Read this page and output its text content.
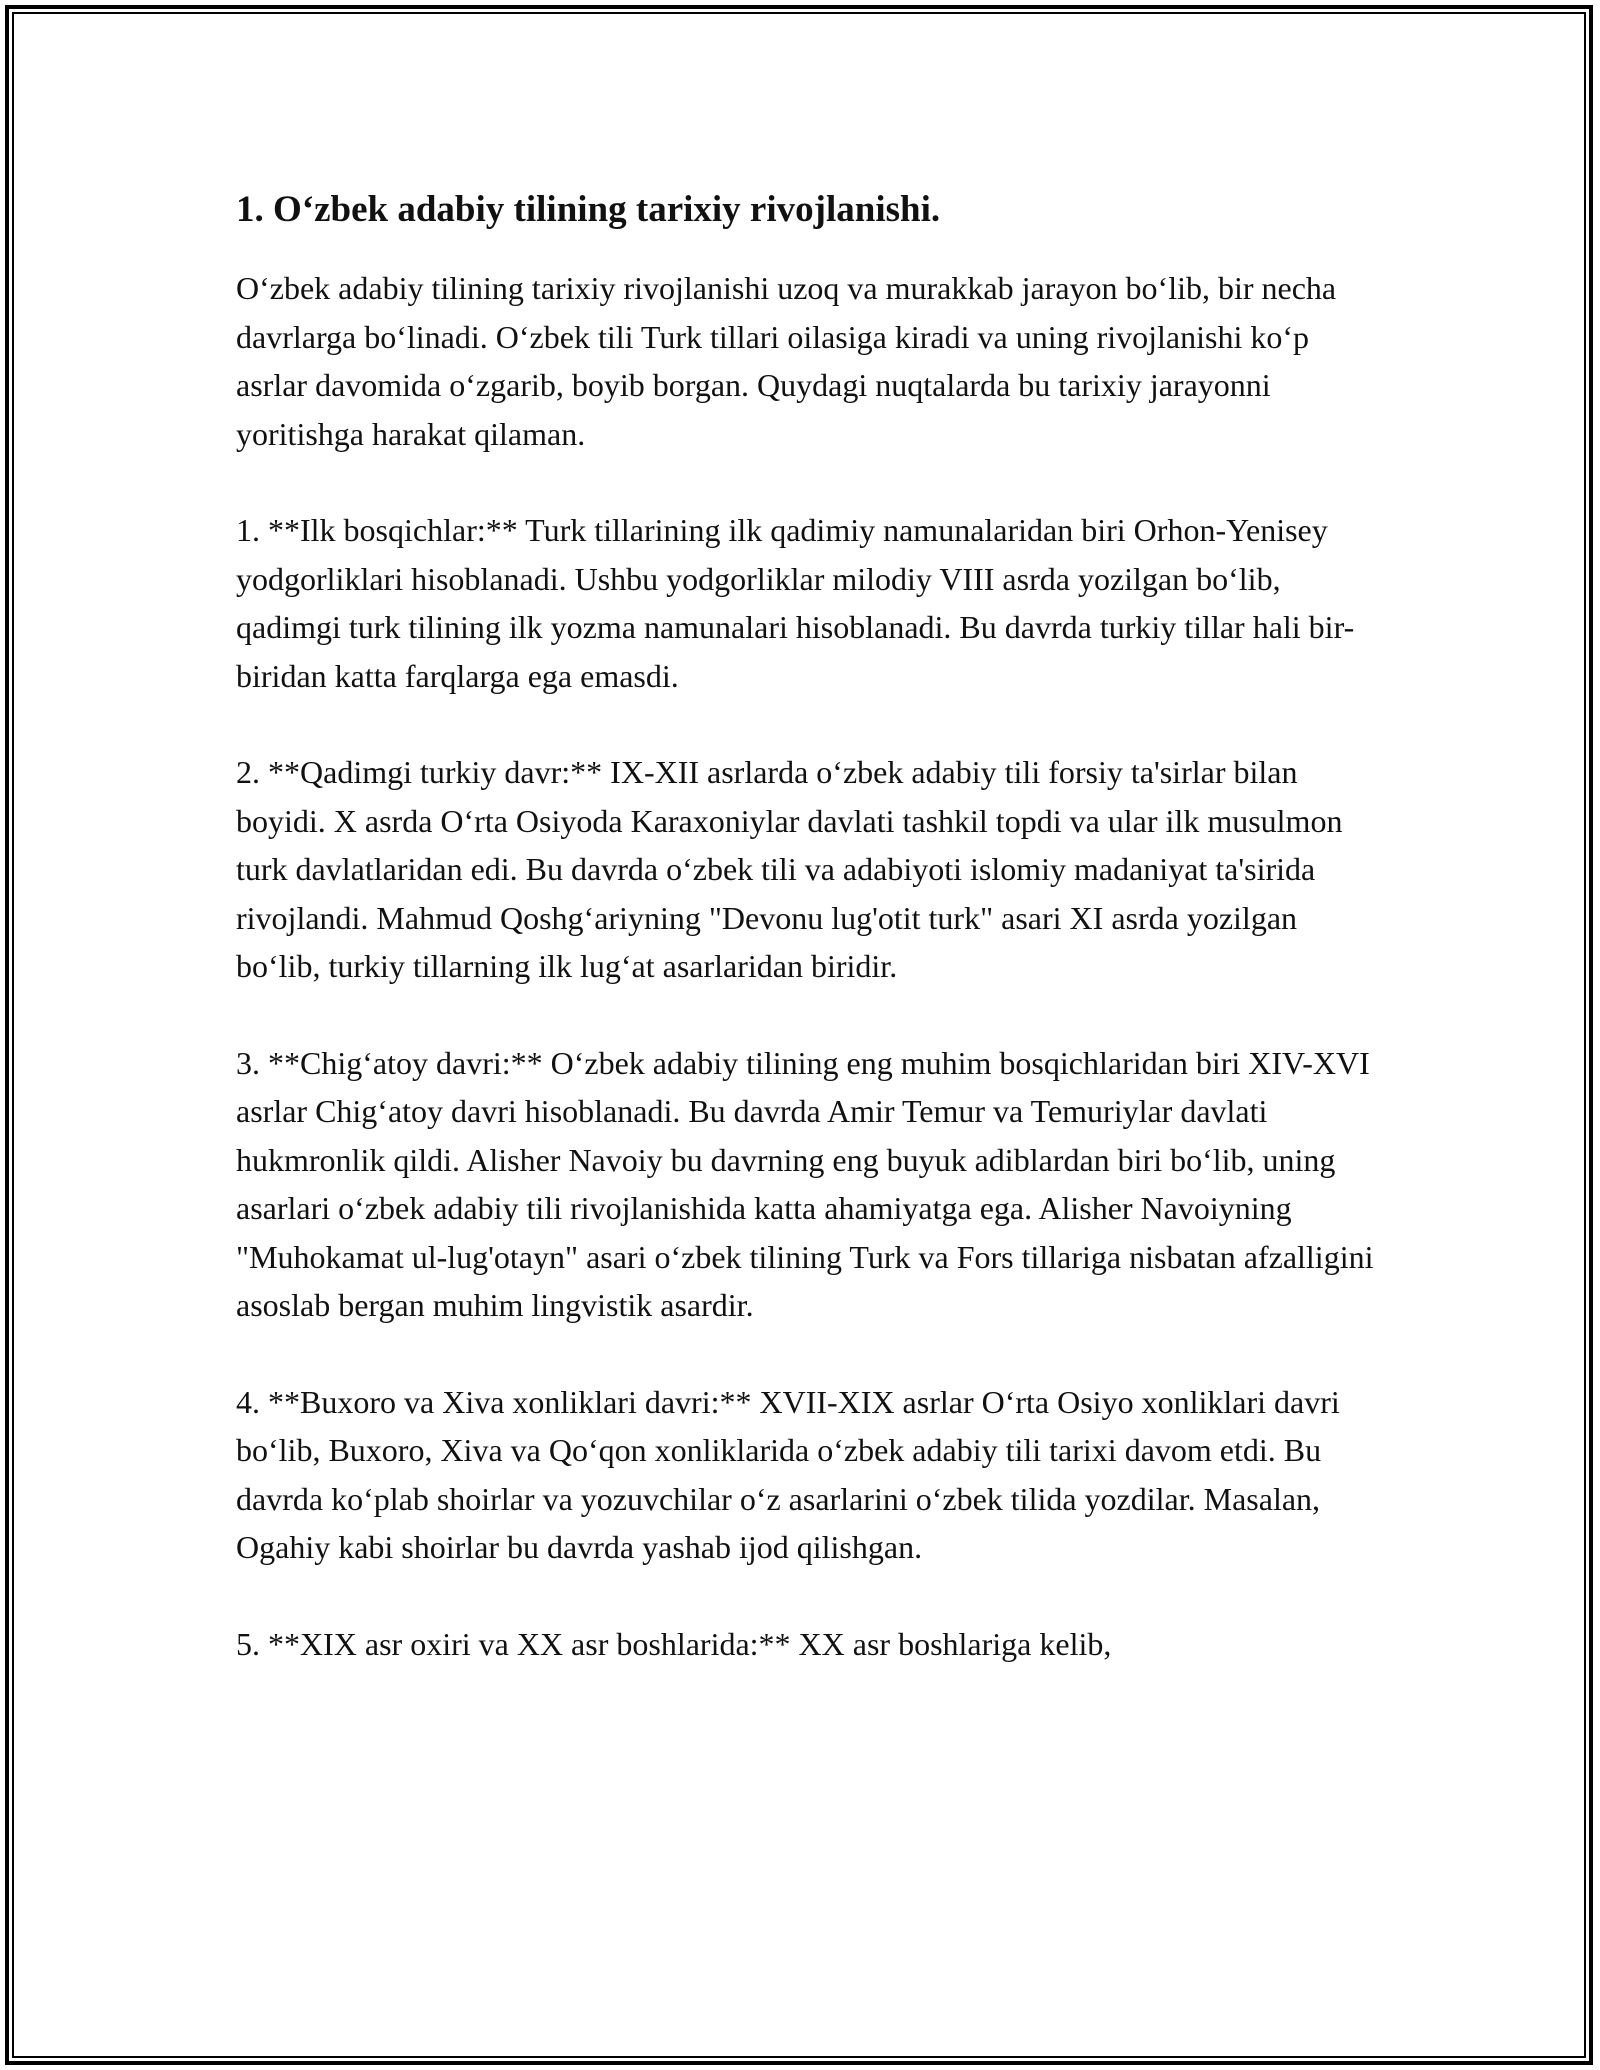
1. O‘zbek adabiy tilining tarixiy rivojlanishi.

O‘zbek adabiy tilining tarixiy rivojlanishi uzoq va murakkab jarayon bo‘lib, bir necha davrlarga bo‘linadi. O‘zbek tili Turk tillari oilasiga kiradi va uning rivojlanishi ko‘p asrlar davomida o‘zgarib, boyib borgan. Quydagi nuqtalarda bu tarixiy jarayonni yoritishga harakat qilaman.

1. **Ilk bosqichlar:** Turk tillarining ilk qadimiy namunalaridan biri Orhon-Yenisey yodgorliklari hisoblanadi. Ushbu yodgorliklar milodiy VIII asrda yozilgan bo‘lib, qadimgi turk tilining ilk yozma namunalari hisoblanadi. Bu davrda turkiy tillar hali bir-biridan katta farqlarga ega emasdi.

2. **Qadimgi turkiy davr:** IX-XII asrlarda o‘zbek adabiy tili forsiy ta'sirlar bilan boyidi. X asrda O‘rta Osiyoda Karaxoniylar davlati tashkil topdi va ular ilk musulmon turk davlatlaridan edi. Bu davrda o‘zbek tili va adabiyoti islomiy madaniyat ta'sirida rivojlandi. Mahmud Qoshg‘ariyning "Devonu lug'otit turk" asari XI asrda yozilgan bo‘lib, turkiy tillarning ilk lug‘at asarlaridan biridir.

3. **Chig‘atoy davri:** O‘zbek adabiy tilining eng muhim bosqichlaridan biri XIV-XVI asrlar Chig‘atoy davri hisoblanadi. Bu davrda Amir Temur va Temuriylar davlati hukmronlik qildi. Alisher Navoiy bu davrning eng buyuk adiblardan biri bo‘lib, uning asarlari o‘zbek adabiy tili rivojlanishida katta ahamiyatga ega. Alisher Navoiyning "Muhokamat ul-lug'otayn" asari o‘zbek tilining Turk va Fors tillariga nisbatan afzalligini asoslab bergan muhim lingvistik asardir.

4. **Buxoro va Xiva xonliklari davri:** XVII-XIX asrlar O‘rta Osiyo xonliklari davri bo‘lib, Buxoro, Xiva va Qo‘qon xonliklarida o‘zbek adabiy tili tarixi davom etdi. Bu davrda ko‘plab shoirlar va yozuvchilar o‘z asarlarini o‘zbek tilida yozdilar. Masalan, Ogahiy kabi shoirlar bu davrda yashab ijod qilishgan.

5. **XIX asr oxiri va XX asr boshlarida:** XX asr boshlariga kelib,
